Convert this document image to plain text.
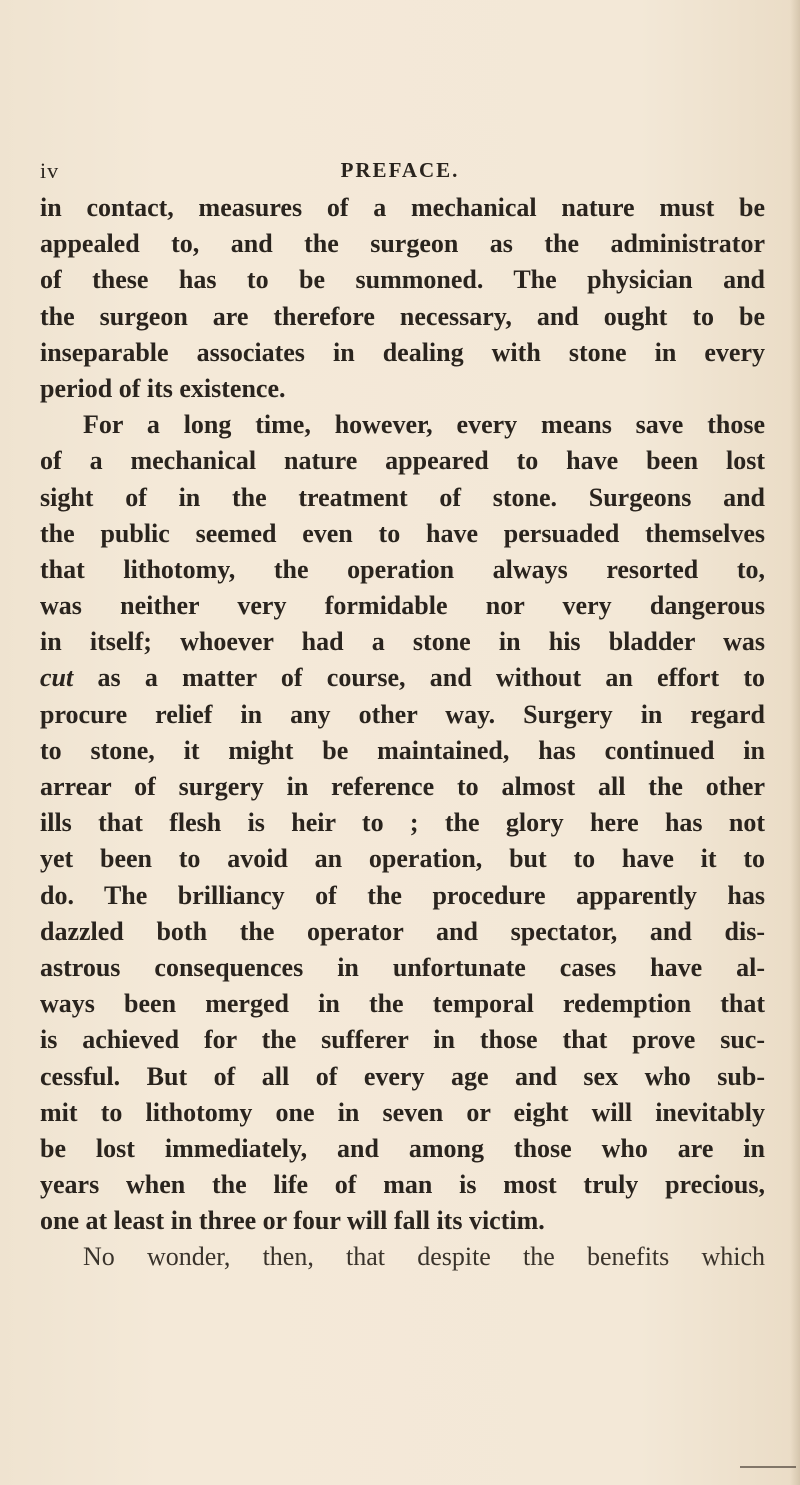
iv	PREFACE.
in contact, measures of a mechanical nature must be
appealed to, and the surgeon as the administrator
of these has to be summoned. The physician and
the surgeon are therefore necessary, and ought to be
inseparable associates in dealing with stone in every
period of its existence.
For a long time, however, every means save those
of a mechanical nature appeared to have been lost
sight of in the treatment of stone. Surgeons and
the public seemed even to have persuaded themselves
that lithotomy, the operation always resorted to,
was neither very formidable nor very dangerous
in itself; whoever had a stone in his bladder was
cut as a matter of course, and without an effort to
procure relief in any other way. Surgery in regard
to stone, it might be maintained, has continued in
arrear of surgery in reference to almost all the other
ills that flesh is heir to ; the glory here has not
yet been to avoid an operation, but to have it to
do. The brilliancy of the procedure apparently has
dazzled both the operator and spectator, and dis-
astrous consequences in unfortunate cases have al-
ways been merged in the temporal redemption that
is achieved for the sufferer in those that prove suc-
cessful. But of all of every age and sex who sub-
mit to lithotomy one in seven or eight will inevitably
be lost immediately, and among those who are in
years when the life of man is most truly precious,
one at least in three or four will fall its victim.
No wonder, then, that despite the benefits which
